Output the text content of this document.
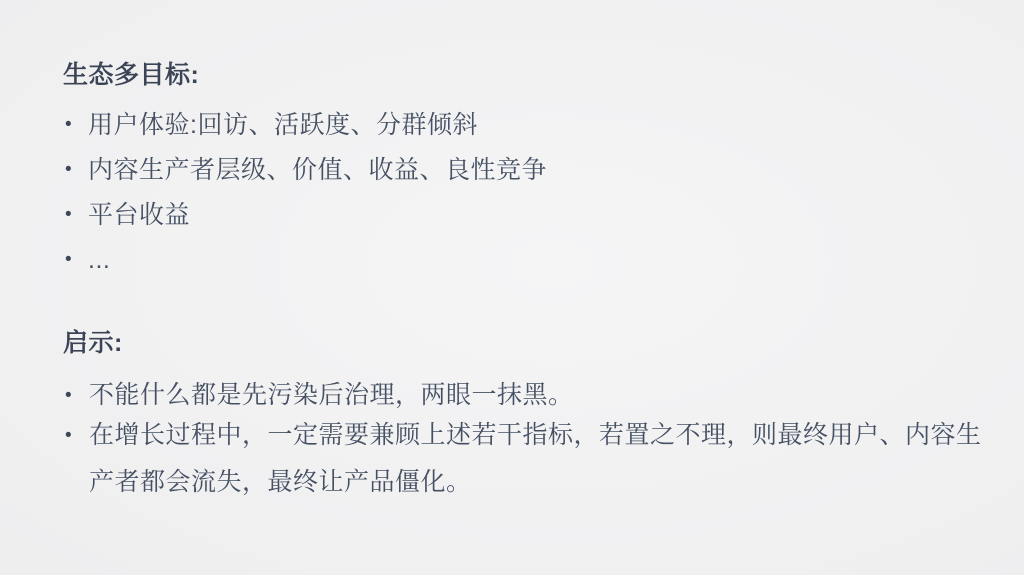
生态多目标:
• 用户体验:回访、活跃度、分群倾斜
• 内容生产者层级、价值、收益、良性竞争
• 平台收益
• ...
启示:
• 不能什么都是先污染后治理，两眼一抹黑。
• 在增长过程中，一定需要兼顾上述若干指标，若置之不理，则最终用户、内容生产者都会流失，最终让产品僵化。
